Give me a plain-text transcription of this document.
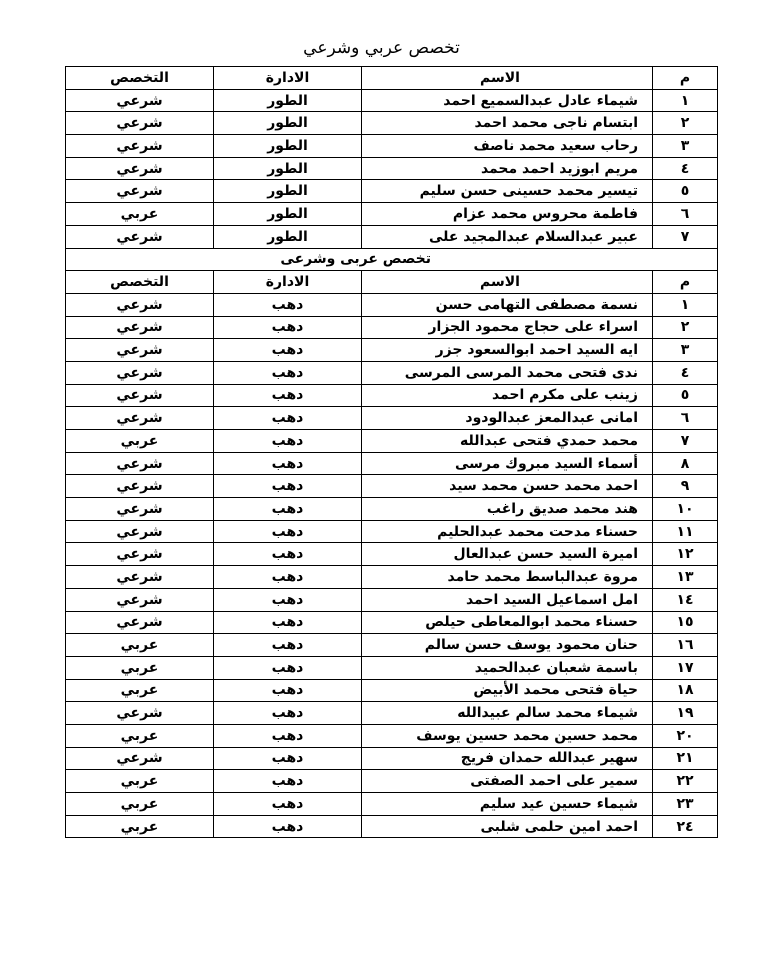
تخصص عربي وشرعي
م	الاسم	الادارة	التخصص
١	شيماء عادل عبدالسميع احمد	الطور	شرعي
٢	ابتسام ناجى محمد احمد	الطور	شرعي
٣	رحاب سعيد محمد ناصف	الطور	شرعي
٤	مريم ابوزيد احمد محمد	الطور	شرعي
٥	تيسير محمد حسينى حسن سليم	الطور	شرعي
٦	فاطمة محروس محمد عزام	الطور	عربي
٧	عبير عبدالسلام عبدالمجيد على	الطور	شرعي
تخصص عربى وشرعى			
م	الاسم	الادارة	التخصص
١	نسمة مصطفى التهامى حسن	دهب	شرعي
٢	اسراء على حجاج محمود الجزار	دهب	شرعي
٣	ايه السيد احمد ابوالسعود جزر	دهب	شرعي
٤	ندى فتحى محمد المرسى المرسى	دهب	شرعي
٥	زينب على مكرم احمد	دهب	شرعي
٦	امانى عبدالمعز عبدالودود	دهب	شرعي
٧	محمد حمدي فتحى عبدالله	دهب	عربي
٨	أسماء السيد مبروك مرسى	دهب	شرعي
٩	احمد محمد حسن محمد سيد	دهب	شرعي
١٠	هند محمد صديق راغب	دهب	شرعي
١١	حسناء مدحت محمد عبدالحليم	دهب	شرعي
١٢	اميرة السيد حسن عبدالعال	دهب	شرعي
١٣	مروة عبدالباسط محمد حامد	دهب	شرعي
١٤	امل اسماعيل السيد احمد	دهب	شرعي
١٥	حسناء محمد ابوالمعاطى حيلص	دهب	شرعي
١٦	حنان محمود يوسف حسن سالم	دهب	عربي
١٧	باسمة شعبان عبدالحميد	دهب	عربي
١٨	حياة فتحى محمد الأبيض	دهب	عربي
١٩	شيماء محمد سالم عبيدالله	دهب	شرعي
٢٠	محمد حسين محمد حسين يوسف	دهب	عربي
٢١	سهير عبدالله حمدان فريج	دهب	شرعي
٢٢	سمير على احمد الصفتى	دهب	عربي
٢٣	شيماء حسين عيد سليم	دهب	عربي
٢٤	احمد امين حلمى شلبى	دهب	عربي
